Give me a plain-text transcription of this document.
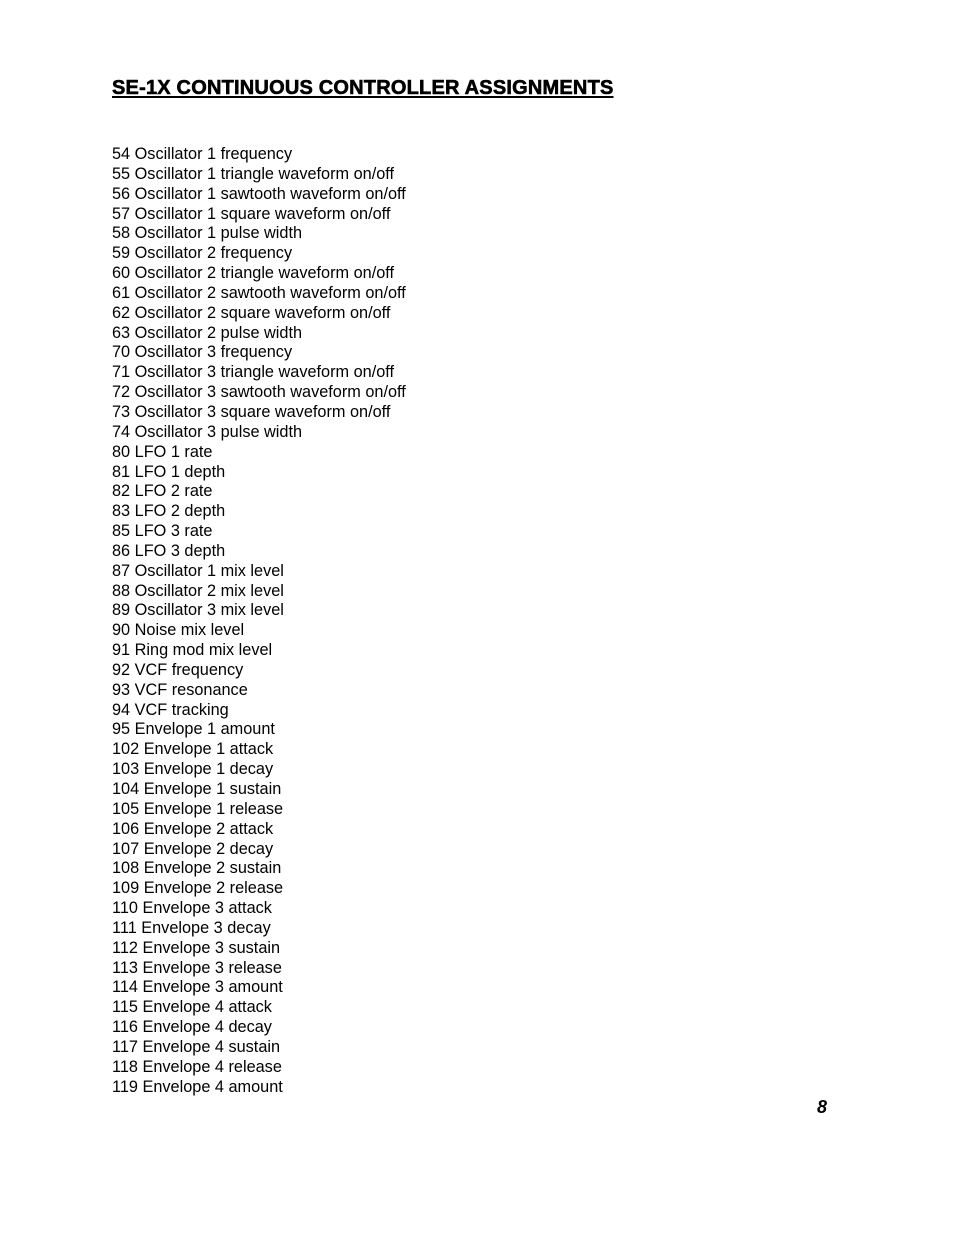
SE-1X CONTINUOUS CONTROLLER ASSIGNMENTS
54 Oscillator 1 frequency
55 Oscillator 1 triangle waveform on/off
56 Oscillator 1 sawtooth waveform on/off
57 Oscillator 1 square waveform on/off
58 Oscillator 1 pulse width
59 Oscillator 2 frequency
60 Oscillator 2 triangle waveform on/off
61 Oscillator 2 sawtooth waveform on/off
62 Oscillator 2 square waveform on/off
63 Oscillator 2 pulse width
70 Oscillator 3 frequency
71 Oscillator 3 triangle waveform on/off
72 Oscillator 3 sawtooth waveform on/off
73 Oscillator 3 square waveform on/off
74 Oscillator 3 pulse width
80 LFO 1 rate
81 LFO 1 depth
82 LFO 2 rate
83 LFO 2 depth
85 LFO 3 rate
86 LFO 3 depth
87 Oscillator 1 mix level
88 Oscillator 2 mix level
89 Oscillator 3 mix level
90 Noise mix level
91 Ring mod mix level
92 VCF frequency
93 VCF resonance
94 VCF tracking
95 Envelope 1 amount
102 Envelope 1 attack
103 Envelope 1 decay
104 Envelope 1 sustain
105 Envelope 1 release
106 Envelope 2 attack
107 Envelope 2 decay
108 Envelope 2 sustain
109 Envelope 2 release
110 Envelope 3 attack
111 Envelope 3 decay
112 Envelope 3 sustain
113 Envelope 3 release
114 Envelope 3 amount
115 Envelope 4 attack
116 Envelope 4 decay
117 Envelope 4 sustain
118 Envelope 4 release
119 Envelope 4 amount
8
